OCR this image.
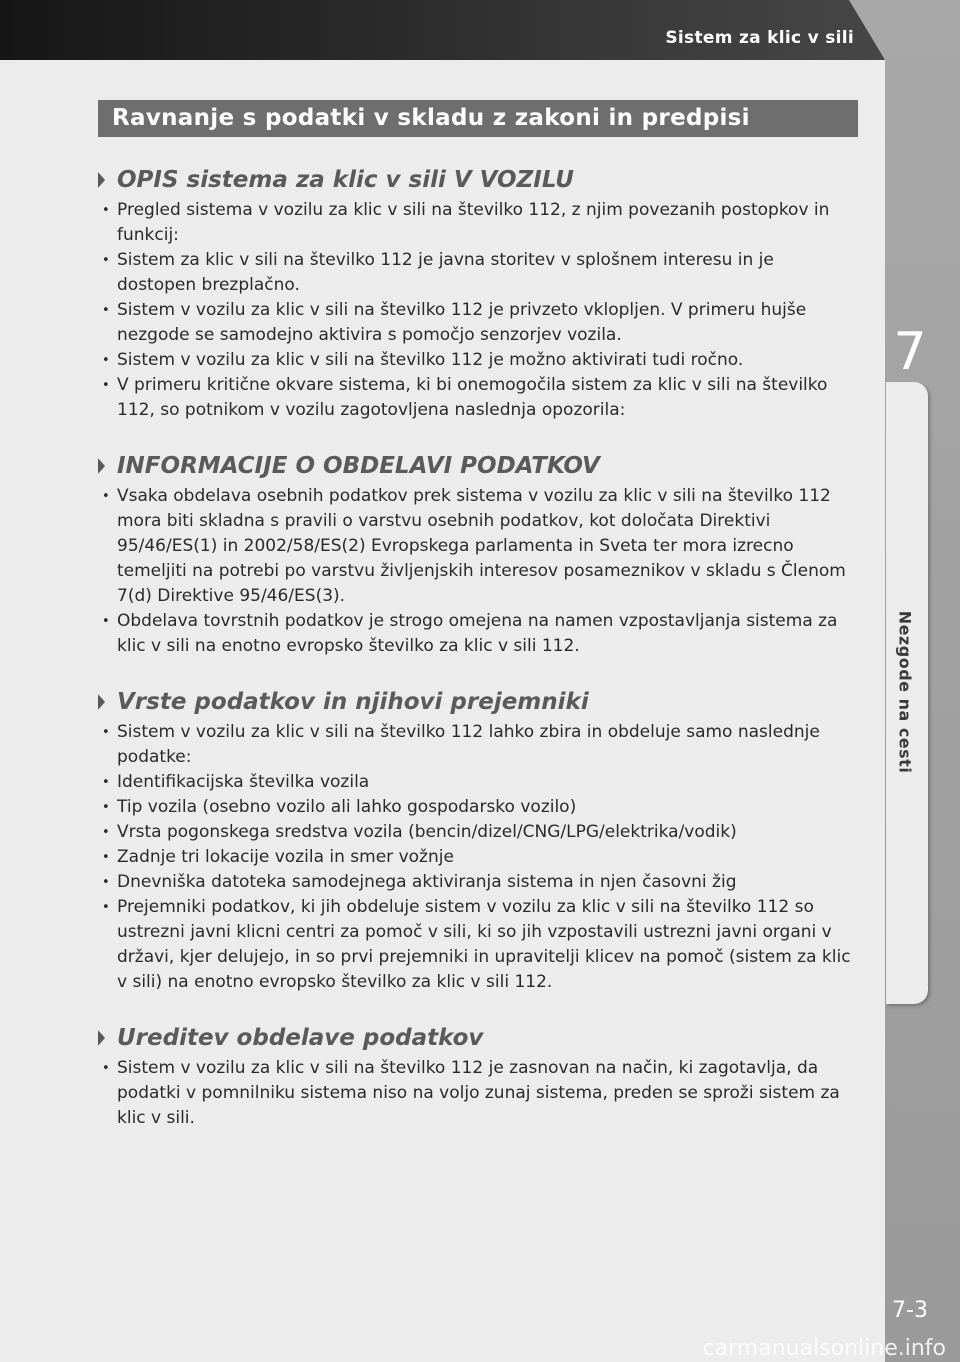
Sistem za klic v sili
7
Nezgode na cesti
7-3
carmanualsonline.info
Ravnanje s podatki v skladu z zakoni in predpisi
OPIS sistema za klic v sili V VOZILU
• Pregled sistema v vozilu za klic v sili na številko 112, z njim povezanih postopkov in funkcij:
• Sistem za klic v sili na številko 112 je javna storitev v splošnem interesu in je dostopen brezplačno.
• Sistem v vozilu za klic v sili na številko 112 je privzeto vklopljen. V primeru hujše nezgode se samodejno aktivira s pomočjo senzorjev vozila.
• Sistem v vozilu za klic v sili na številko 112 je možno aktivirati tudi ročno.
• V primeru kritične okvare sistema, ki bi onemogočila sistem za klic v sili na številko 112, so potnikom v vozilu zagotovljena naslednja opozorila:
INFORMACIJE O OBDELAVI PODATKOV
• Vsaka obdelava osebnih podatkov prek sistema v vozilu za klic v sili na številko 112 mora biti skladna s pravili o varstvu osebnih podatkov, kot določata Direktivi 95/46/ES(1) in 2002/58/ES(2) Evropskega parlamenta in Sveta ter mora izrecno temeljiti na potrebi po varstvu življenjskih interesov posameznikov v skladu s Členom 7(d) Direktive 95/46/ES(3).
• Obdelava tovrstnih podatkov je strogo omejena na namen vzpostavljanja sistema za klic v sili na enotno evropsko številko za klic v sili 112.
Vrste podatkov in njihovi prejemniki
• Sistem v vozilu za klic v sili na številko 112 lahko zbira in obdeluje samo naslednje podatke:
• Identifikacijska številka vozila
• Tip vozila (osebno vozilo ali lahko gospodarsko vozilo)
• Vrsta pogonskega sredstva vozila (bencin/dizel/CNG/LPG/elektrika/vodik)
• Zadnje tri lokacije vozila in smer vožnje
• Dnevniška datoteka samodejnega aktiviranja sistema in njen časovni žig
• Prejemniki podatkov, ki jih obdeluje sistem v vozilu za klic v sili na številko 112 so ustrezni javni klicni centri za pomoč v sili, ki so jih vzpostavili ustrezni javni organi v državi, kjer delujejo, in so prvi prejemniki in upravitelji klicev na pomoč (sistem za klic v sili) na enotno evropsko številko za klic v sili 112.
Ureditev obdelave podatkov
• Sistem v vozilu za klic v sili na številko 112 je zasnovan na način, ki zagotavlja, da podatki v pomnilniku sistema niso na voljo zunaj sistema, preden se sproži sistem za klic v sili.
